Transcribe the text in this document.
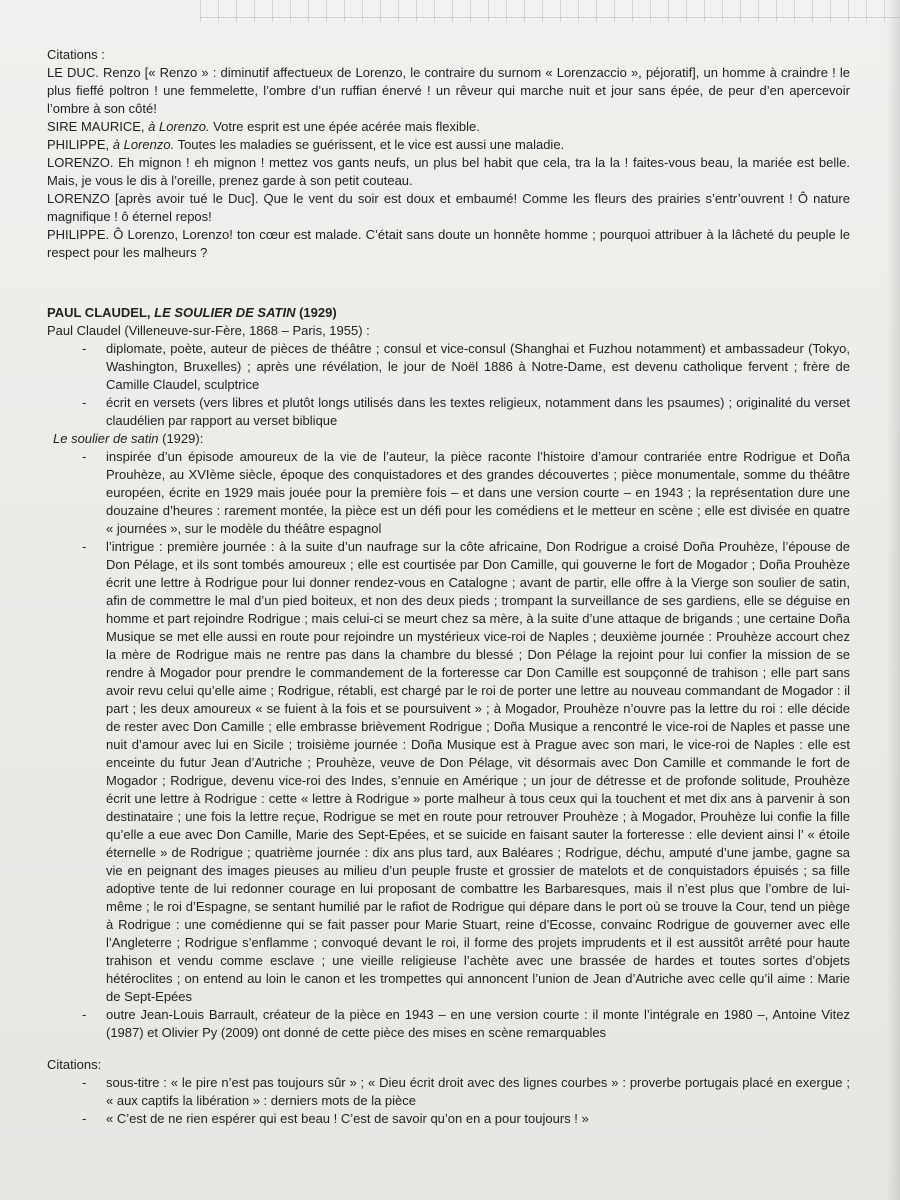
Citations :

LE DUC. Renzo [« Renzo » : diminutif affectueux de Lorenzo, le contraire du surnom « Lorenzaccio », péjoratif], un homme à craindre ! le plus fieffé poltron ! une femmelette, l’ombre d’un ruffian énervé ! un rêveur qui marche nuit et jour sans épée, de peur d’en apercevoir l’ombre à son côté!

SIRE MAURICE, à Lorenzo. Votre esprit est une épée acérée mais flexible.

PHILIPPE, à Lorenzo. Toutes les maladies se guérissent, et le vice est aussi une maladie.

LORENZO. Eh mignon ! eh mignon ! mettez vos gants neufs, un plus bel habit que cela, tra la la ! faites-vous beau, la mariée est belle. Mais, je vous le dis à l’oreille, prenez garde à son petit couteau.

LORENZO [après avoir tué le Duc]. Que le vent du soir est doux et embaumé! Comme les fleurs des prairies s’entr’ouvrent ! Ô nature magnifique ! ô éternel repos!

PHILIPPE. Ô Lorenzo, Lorenzo! ton cœur est malade. C’était sans doute un honnête homme ; pourquoi attribuer à la lâcheté du peuple le respect pour les malheurs ?

PAUL CLAUDEL, LE SOULIER DE SATIN (1929)

Paul Claudel (Villeneuve-sur-Fère, 1868 – Paris, 1955) :

- diplomate, poète, auteur de pièces de théâtre ; consul et vice-consul (Shanghai et Fuzhou notamment) et ambassadeur (Tokyo, Washington, Bruxelles) ; après une révélation, le jour de Noël 1886 à Notre-Dame, est devenu catholique fervent ; frère de Camille Claudel, sculptrice
- écrit en versets (vers libres et plutôt longs utilisés dans les textes religieux, notamment dans les psaumes) ; originalité du verset claudélien par rapport au verset biblique

Le soulier de satin (1929):

- inspirée d’un épisode amoureux de la vie de l’auteur, la pièce raconte l’histoire d’amour contrariée entre Rodrigue et Doña Prouhèze, au XVIème siècle, époque des conquistadores et des grandes découvertes ; pièce monumentale, somme du théâtre européen, écrite en 1929 mais jouée pour la première fois – et dans une version courte – en 1943 ; la représentation dure une douzaine d’heures : rarement montée, la pièce est un défi pour les comédiens et le metteur en scène ; elle est divisée en quatre « journées », sur le modèle du théâtre espagnol
- l’intrigue : première journée : à la suite d’un naufrage sur la côte africaine, Don Rodrigue a croisé Doña Prouhèze, l’épouse de Don Pélage, et ils sont tombés amoureux ; elle est courtisée par Don Camille, qui gouverne le fort de Mogador ; Doña Prouhèze écrit une lettre à Rodrigue pour lui donner rendez-vous en Catalogne ; avant de partir, elle offre à la Vierge son soulier de satin, afin de commettre le mal d’un pied boiteux, et non des deux pieds ; trompant la surveillance de ses gardiens, elle se déguise en homme et part rejoindre Rodrigue ; mais celui-ci se meurt chez sa mère, à la suite d’une attaque de brigands ; une certaine Doña Musique se met elle aussi en route pour rejoindre un mystérieux vice-roi de Naples ; deuxième journée : Prouhèze accourt chez la mère de Rodrigue mais ne rentre pas dans la chambre du blessé ; Don Pélage la rejoint pour lui confier la mission de se rendre à Mogador pour prendre le commandement de la forteresse car Don Camille est soupçonné de trahison ; elle part sans avoir revu celui qu’elle aime ; Rodrigue, rétabli, est chargé par le roi de porter une lettre au nouveau commandant de Mogador : il part ; les deux amoureux « se fuient à la fois et se poursuivent » ; à Mogador, Prouhèze n’ouvre pas la lettre du roi : elle décide de rester avec Don Camille ; elle embrasse brièvement Rodrigue ; Doña Musique a rencontré le vice-roi de Naples et passe une nuit d’amour avec lui en Sicile ; troisième journée : Doña Musique est à Prague avec son mari, le vice-roi de Naples : elle est enceinte du futur Jean d’Autriche ; Prouhèze, veuve de Don Pélage, vit désormais avec Don Camille et commande le fort de Mogador ; Rodrigue, devenu vice-roi des Indes, s’ennuie en Amérique ; un jour de détresse et de profonde solitude, Prouhèze écrit une lettre à Rodrigue : cette « lettre à Rodrigue » porte malheur à tous ceux qui la touchent et met dix ans à parvenir à son destinataire ; une fois la lettre reçue, Rodrigue se met en route pour retrouver Prouhèze ; à Mogador, Prouhèze lui confie la fille qu’elle a eue avec Don Camille, Marie des Sept-Epées, et se suicide en faisant sauter la forteresse : elle devient ainsi l’ « étoile éternelle » de Rodrigue ; quatrième journée : dix ans plus tard, aux Baléares ; Rodrigue, déchu, amputé d’une jambe, gagne sa vie en peignant des images pieuses au milieu d’un peuple fruste et grossier de matelots et de conquistadors épuisés ; sa fille adoptive tente de lui redonner courage en lui proposant de combattre les Barbaresques, mais il n’est plus que l’ombre de lui-même ; le roi d’Espagne, se sentant humilié par le rafiot de Rodrigue qui dépare dans le port où se trouve la Cour, tend un piège à Rodrigue : une comédienne qui se fait passer pour Marie Stuart, reine d’Ecosse, convainc Rodrigue de gouverner avec elle l’Angleterre ; Rodrigue s’enflamme ; convoqué devant le roi, il forme des projets imprudents et il est aussitôt arrêté pour haute trahison et vendu comme esclave ; une vieille religieuse l’achète avec une brassée de hardes et toutes sortes d’objets hétéroclites ; on entend au loin le canon et les trompettes qui annoncent l’union de Jean d’Autriche avec celle qu’il aime : Marie de Sept-Epées
- outre Jean-Louis Barrault, créateur de la pièce en 1943 – en une version courte : il monte l’intégrale en 1980 –, Antoine Vitez (1987) et Olivier Py (2009) ont donné de cette pièce des mises en scène remarquables

Citations:

- sous-titre : « le pire n’est pas toujours sûr » ; « Dieu écrit droit avec des lignes courbes » : proverbe portugais placé en exergue ; « aux captifs la libération » : derniers mots de la pièce
- « C’est de ne rien espérer qui est beau ! C’est de savoir qu’on en a pour toujours ! »
